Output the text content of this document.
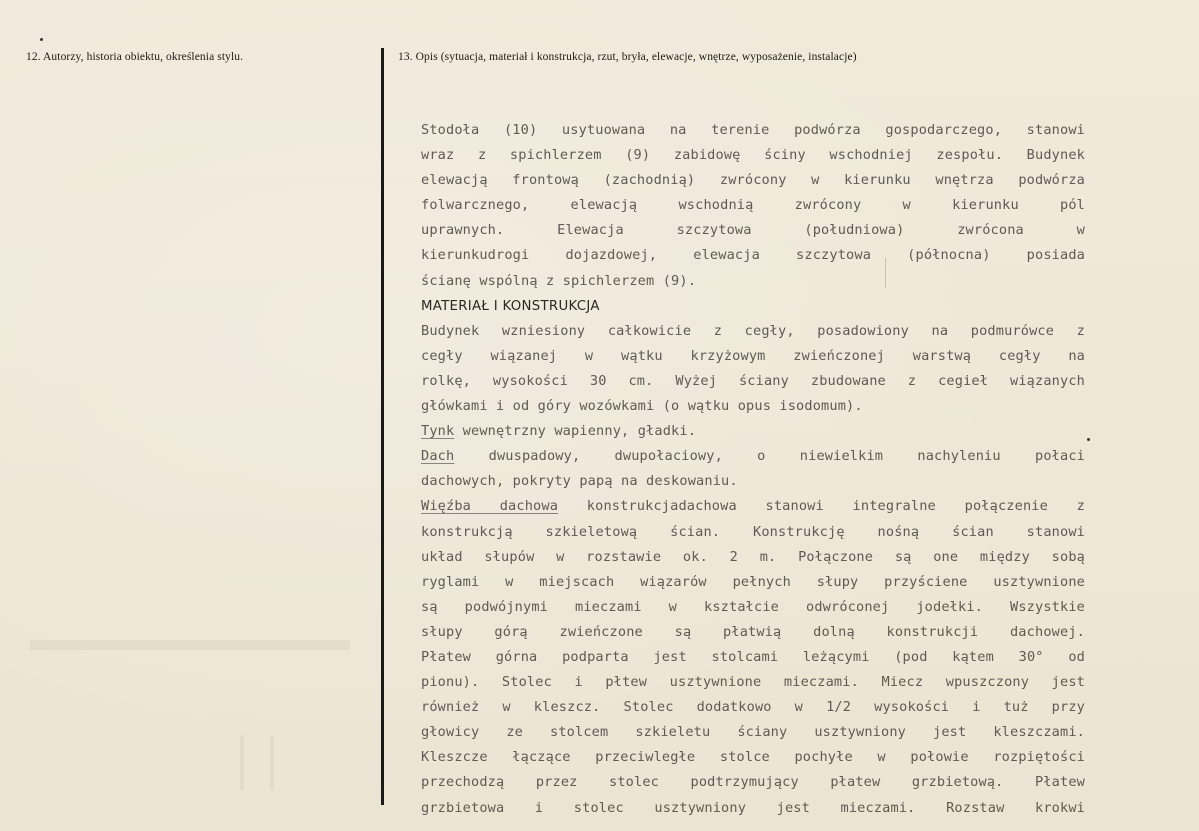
12. Autorzy, historia obiektu, określenia stylu.	13. Opis (sytuacja, materiał i konstrukcja, rzut, bryła, elewacje, wnętrze, wyposażenie, instalacje)
Stodoła (10) usytuowana na terenie podwórza gospodarczego, stanowi
wraz z spichlerzem (9) zabidowę ściny wschodniej zespołu. Budynek
elewacją frontową (zachodnią) zwrócony w kierunku wnętrza podwórza
folwarcznego, elewacją wschodnią zwrócony w kierunku pól
uprawnych. Elewacja szczytowa (południowa) zwrócona w
kierunkudrogi dojazdowej, elewacja szczytowa (północna) posiada
ścianę wspólną z spichlerzem (9).
MATERIAŁ I KONSTRUKCJA
Budynek wzniesiony całkowicie z cegły, posadowiony na podmurówce z
cegły wiązanej w wątku krzyżowym zwieńczonej warstwą cegły na
rolkę, wysokości 30 cm. Wyżej ściany zbudowane z cegieł wiązanych
główkami i od góry wozówkami (o wątku opus isodomum).
Tynk wewnętrzny wapienny, gładki.
Dach dwuspadowy, dwupołaciowy, o niewielkim nachyleniu połaci
dachowych, pokryty papą na deskowaniu.
Więźba dachowa konstrukcjadachowa stanowi integralne połączenie z
konstrukcją szkieletową ścian. Konstrukcję nośną ścian stanowi
układ słupów w rozstawie ok. 2 m. Połączone są one między sobą
ryglami w miejscach wiązarów pełnych słupy przyściene usztywnione
są podwójnymi mieczami w kształcie odwróconej jodełki. Wszystkie
słupy górą zwieńczone są płatwią dolną konstrukcji dachowej.
Płatew górna podparta jest stolcami leżącymi (pod kątem 30° od
pionu). Stolec i płtew usztywnione mieczami. Miecz wpuszczony jest
również w kleszcz. Stolec dodatkowo w 1/2 wysokości i tuż przy
głowicy ze stolcem szkieletu ściany usztywniony jest kleszczami.
Kleszcze łączące przeciwległe stolce pochyłe w połowie rozpiętości
przechodzą przez stolec podtrzymujący płatew grzbietową. Płatew
grzbietowa i stolec usztywniony jest mieczami. Rozstaw krokwi
